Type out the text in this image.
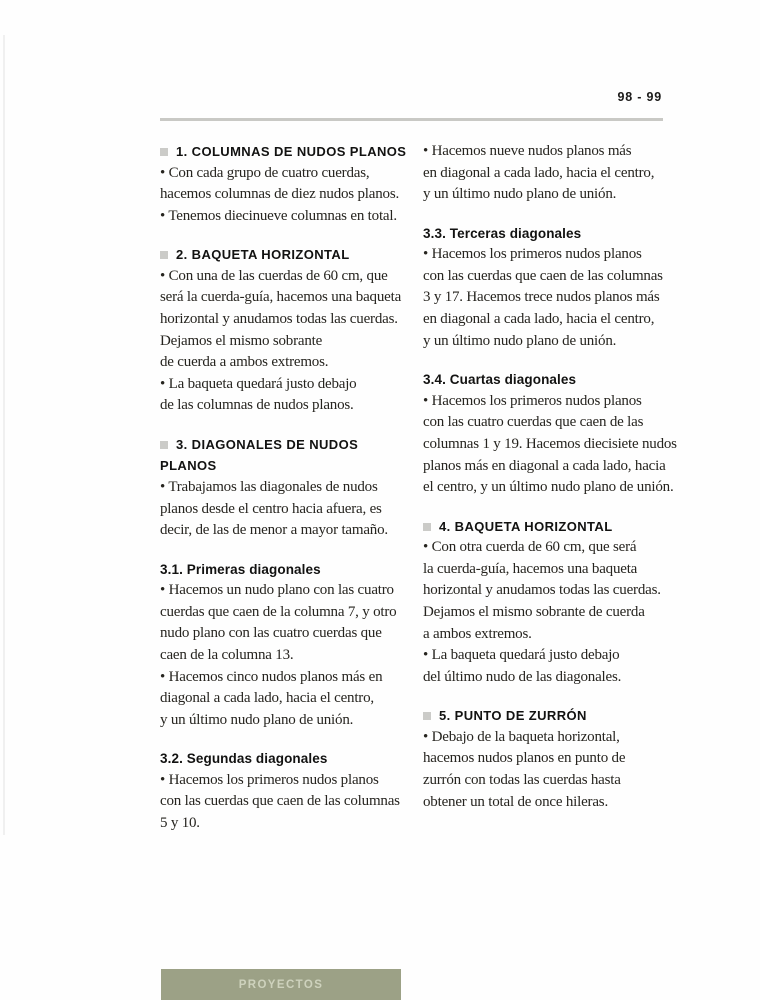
98 - 99
1. COLUMNAS DE NUDOS PLANOS
• Con cada grupo de cuatro cuerdas,
hacemos columnas de diez nudos planos.
• Tenemos diecinueve columnas en total.
2. BAQUETA HORIZONTAL
• Con una de las cuerdas de 60 cm, que
será la cuerda-guía, hacemos una baqueta
horizontal y anudamos todas las cuerdas.
Dejamos el mismo sobrante
de cuerda a ambos extremos.
• La baqueta quedará justo debajo
de las columnas de nudos planos.
3. DIAGONALES DE NUDOS
PLANOS
• Trabajamos las diagonales de nudos
planos desde el centro hacia afuera, es
decir, de las de menor a mayor tamaño.
3.1. Primeras diagonales
• Hacemos un nudo plano con las cuatro
cuerdas que caen de la columna 7, y otro
nudo plano con las cuatro cuerdas que
caen de la columna 13.
• Hacemos cinco nudos planos más en
diagonal a cada lado, hacia el centro,
y un último nudo plano de unión.
3.2. Segundas diagonales
• Hacemos los primeros nudos planos
con las cuerdas que caen de las columnas
5 y 10.
• Hacemos nueve nudos planos más
en diagonal a cada lado, hacia el centro,
y un último nudo plano de unión.
3.3. Terceras diagonales
• Hacemos los primeros nudos planos
con las cuerdas que caen de las columnas
3 y 17. Hacemos trece nudos planos más
en diagonal a cada lado, hacia el centro,
y un último nudo plano de unión.
3.4. Cuartas diagonales
• Hacemos los primeros nudos planos
con las cuatro cuerdas que caen de las
columnas 1 y 19. Hacemos diecisiete nudos
planos más en diagonal a cada lado, hacia
el centro, y un último nudo plano de unión.
4. BAQUETA HORIZONTAL
• Con otra cuerda de 60 cm, que será
la cuerda-guía, hacemos una baqueta
horizontal y anudamos todas las cuerdas.
Dejamos el mismo sobrante de cuerda
a ambos extremos.
• La baqueta quedará justo debajo
del último nudo de las diagonales.
5. PUNTO DE ZURRÓN
• Debajo de la baqueta horizontal,
hacemos nudos planos en punto de
zurrón con todas las cuerdas hasta
obtener un total de once hileras.
PROYECTOS
